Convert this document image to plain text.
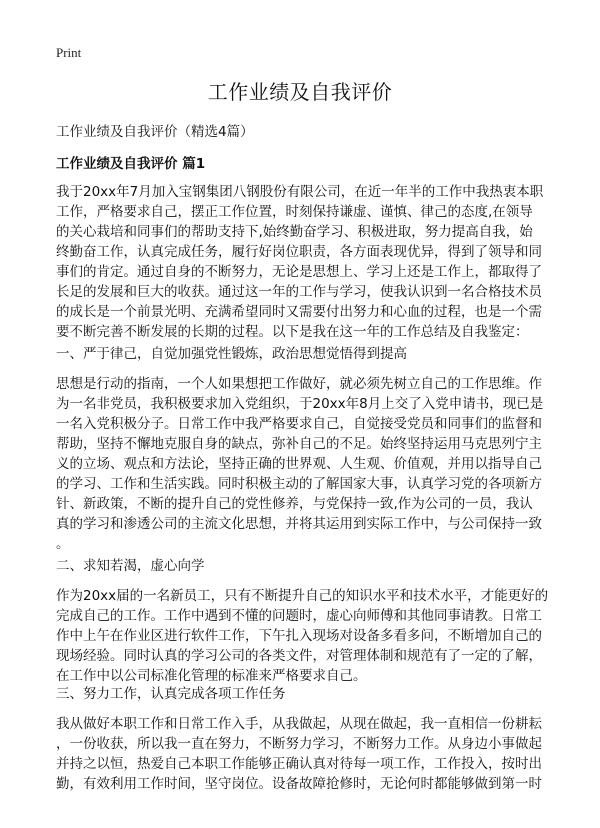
Print
工作业绩及自我评价
工作业绩及自我评价（精选4篇）
工作业绩及自我评价 篇1
我于20xx年7月加入宝钢集团八钢股份有限公司，在近一年半的工作中我热衷本职
工作，严格要求自己，摆正工作位置，时刻保持谦虚、谨慎、律己的态度,在领导
的关心栽培和同事们的帮助支持下,始终勤奋学习、积极进取，努力提高自我，始
终勤奋工作，认真完成任务，履行好岗位职责，各方面表现优异，得到了领导和同
事们的肯定。通过自身的不断努力，无论是思想上、学习上还是工作上，都取得了
长足的发展和巨大的收获。通过这一年的工作与学习，使我认识到一名合格技术员
的成长是一个前景光明、充满希望同时又需要付出努力和心血的过程，也是一个需
要不断完善不断发展的长期的过程。以下是我在这一年的工作总结及自我鉴定：
一、严于律己，自觉加强党性锻炼，政治思想觉悟得到提高
思想是行动的指南，一个人如果想把工作做好，就必须先树立自己的工作思维。作
为一名非党员，我积极要求加入党组织，于20xx年8月上交了入党申请书，现已是
一名入党积极分子。日常工作中我严格要求自己，自觉接受党员和同事们的监督和
帮助，坚持不懈地克服自身的缺点，弥补自己的不足。始终坚持运用马克思列宁主
义的立场、观点和方法论，坚持正确的世界观、人生观、价值观，并用以指导自己
的学习、工作和生活实践。同时积极主动的了解国家大事，认真学习党的各项新方
针、新政策，不断的提升自己的党性修养，与党保持一致,作为公司的一员，我认
真的学习和渗透公司的主流文化思想，并将其运用到实际工作中，与公司保持一致
。
二、求知若渴，虚心向学
作为20xx届的一名新员工，只有不断提升自己的知识水平和技术水平，才能更好的
完成自己的工作。工作中遇到不懂的问题时，虚心向师傅和其他同事请教。日常工
作中上午在作业区进行软件工作，下午扎入现场对设备多看多问，不断增加自己的
现场经验。同时认真的学习公司的各类文件，对管理体制和规范有了一定的了解，
在工作中以公司标准化管理的标准来严格要求自己。
三、努力工作，认真完成各项工作任务
我从做好本职工作和日常工作入手，从我做起，从现在做起，我一直相信一份耕耘
，一份收获，所以我一直在努力，不断努力学习，不断努力工作。从身边小事做起
并持之以恒，热爱自己本职工作能够正确认真对待每一项工作，工作投入，按时出
勤，有效利用工作时间，坚守岗位。设备故障抢修时，无论何时都能够做到第一时
